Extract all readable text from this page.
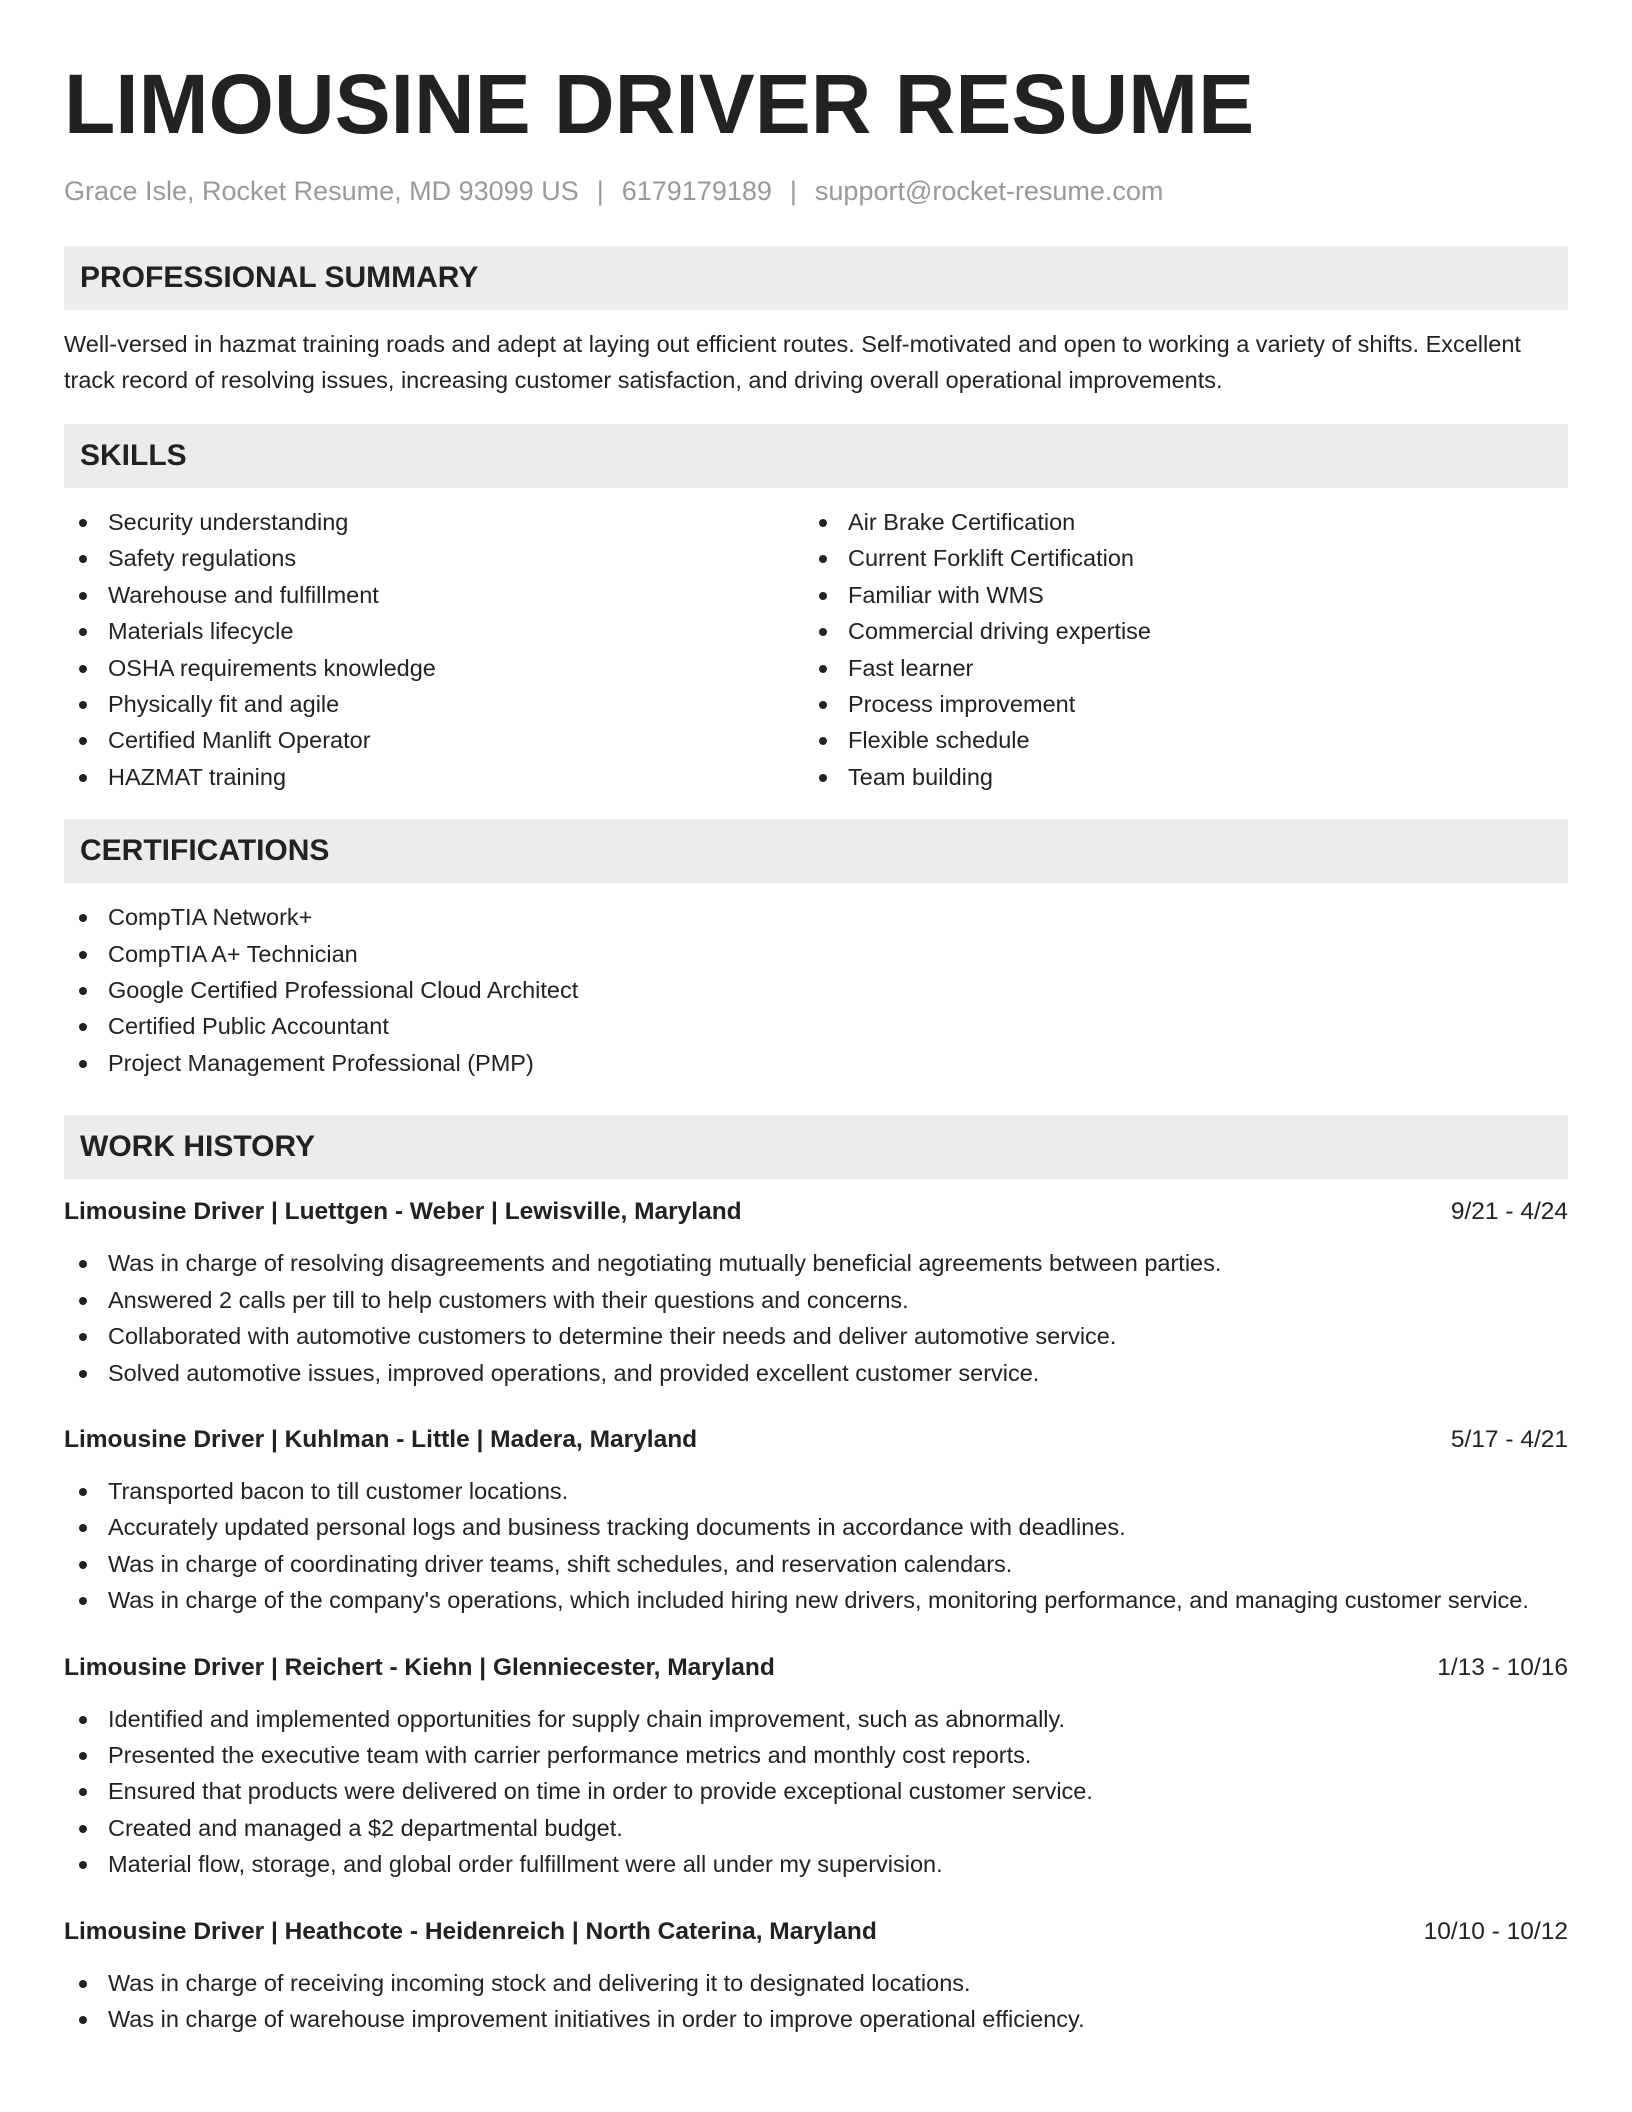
LIMOUSINE DRIVER RESUME
Grace Isle, Rocket Resume, MD 93099 US | 6179179189 | support@rocket-resume.com
PROFESSIONAL SUMMARY
Well-versed in hazmat training roads and adept at laying out efficient routes. Self-motivated and open to working a variety of shifts. Excellent track record of resolving issues, increasing customer satisfaction, and driving overall operational improvements.
SKILLS
Security understanding
Safety regulations
Warehouse and fulfillment
Materials lifecycle
OSHA requirements knowledge
Physically fit and agile
Certified Manlift Operator
HAZMAT training
Air Brake Certification
Current Forklift Certification
Familiar with WMS
Commercial driving expertise
Fast learner
Process improvement
Flexible schedule
Team building
CERTIFICATIONS
CompTIA Network+
CompTIA A+ Technician
Google Certified Professional Cloud Architect
Certified Public Accountant
Project Management Professional (PMP)
WORK HISTORY
Limousine Driver | Luettgen - Weber | Lewisville, Maryland	9/21 - 4/24
Was in charge of resolving disagreements and negotiating mutually beneficial agreements between parties.
Answered 2 calls per till to help customers with their questions and concerns.
Collaborated with automotive customers to determine their needs and deliver automotive service.
Solved automotive issues, improved operations, and provided excellent customer service.
Limousine Driver | Kuhlman - Little | Madera, Maryland	5/17 - 4/21
Transported bacon to till customer locations.
Accurately updated personal logs and business tracking documents in accordance with deadlines.
Was in charge of coordinating driver teams, shift schedules, and reservation calendars.
Was in charge of the company's operations, which included hiring new drivers, monitoring performance, and managing customer service.
Limousine Driver | Reichert - Kiehn | Glenniecester, Maryland	1/13 - 10/16
Identified and implemented opportunities for supply chain improvement, such as abnormally.
Presented the executive team with carrier performance metrics and monthly cost reports.
Ensured that products were delivered on time in order to provide exceptional customer service.
Created and managed a $2 departmental budget.
Material flow, storage, and global order fulfillment were all under my supervision.
Limousine Driver | Heathcote - Heidenreich | North Caterina, Maryland	10/10 - 10/12
Was in charge of receiving incoming stock and delivering it to designated locations.
Was in charge of warehouse improvement initiatives in order to improve operational efficiency.
